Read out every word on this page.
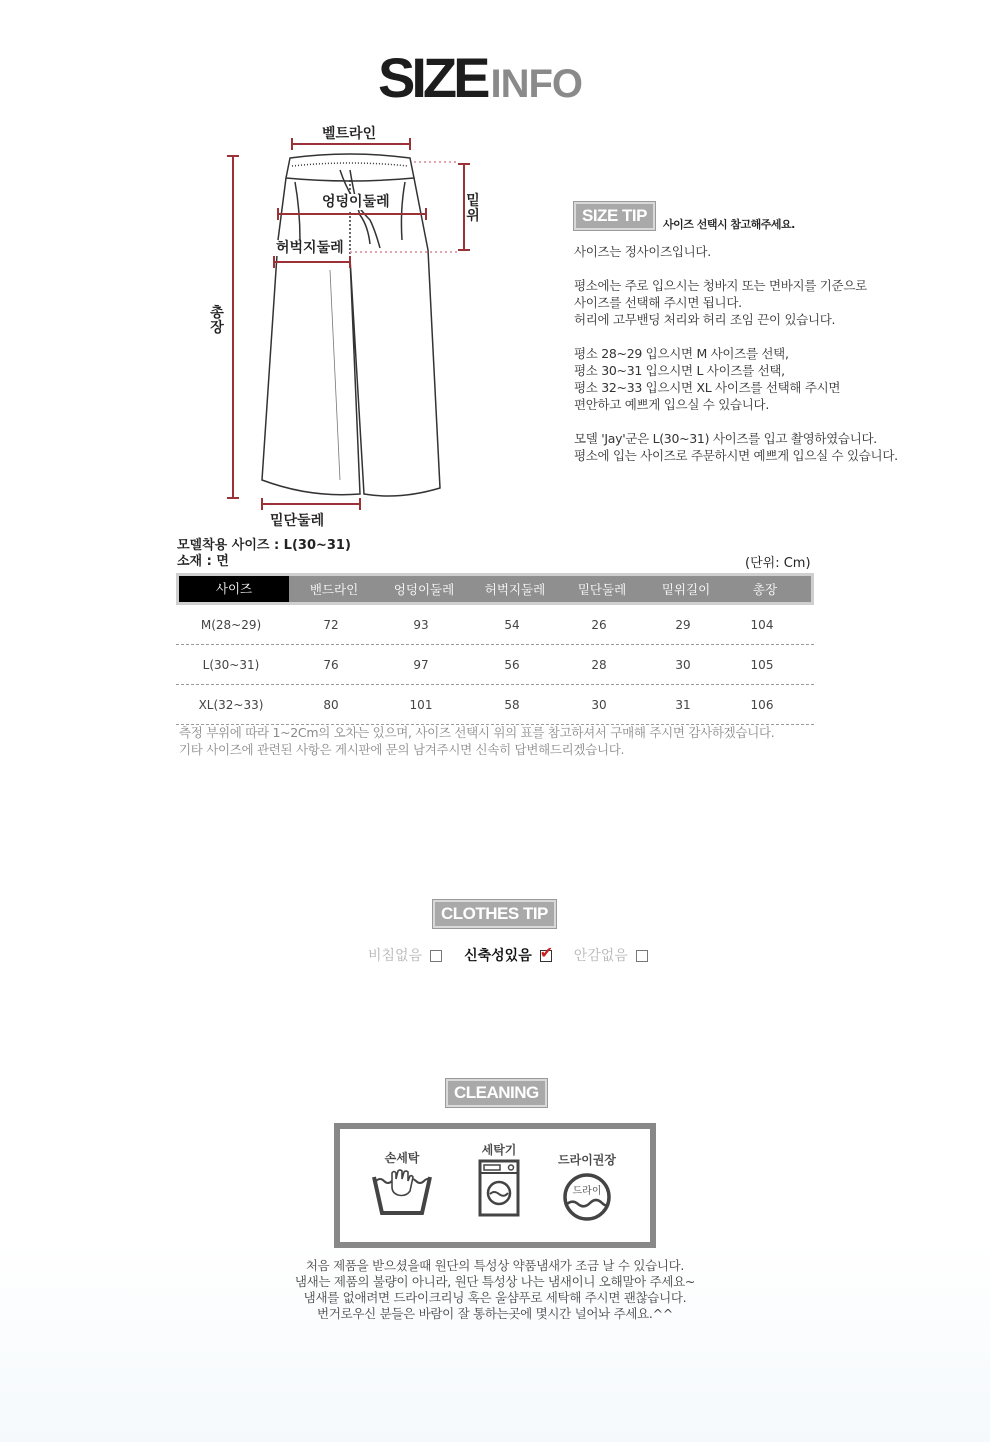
SIZE INFO
벨트라인
엉덩이둘레
허벅지둘레
밑단둘레
밑
위
총
장
SIZE TIP	사이즈 선택시 참고해주세요.

사이즈는 정사이즈입니다.

평소에는 주로 입으시는 청바지 또는 면바지를 기준으로
사이즈를 선택해 주시면 됩니다.
허리에 고무밴딩 처리와 허리 조임 끈이 있습니다.

평소 28~29 입으시면 M 사이즈를 선택,
평소 30~31 입으시면 L 사이즈를 선택,
평소 32~33 입으시면 XL 사이즈를 선택해 주시면
편안하고 예쁘게 입으실 수 있습니다.

모델 'Jay'군은 L(30~31) 사이즈를 입고 촬영하였습니다.
평소에 입는 사이즈로 주문하시면 예쁘게 입으실 수 있습니다.

모델착용 사이즈 : L(30~31)
소재 : 면	(단위: Cm)
사이즈	밴드라인	엉덩이둘레	허벅지둘레	밑단둘레	밑위길이	총장
M(28~29)	72	93	54	26	29	104
L(30~31)	76	97	56	28	30	105
XL(32~33)	80	101	58	30	31	106
측정 부위에 따라 1~2Cm의 오차는 있으며, 사이즈 선택시 위의 표를 참고하셔서 구매해 주시면 감사하겠습니다.
기타 사이즈에 관련된 사항은 게시판에 문의 남겨주시면 신속히 답변해드리겠습니다.
CLOTHES TIP
비침없음	신축성있음 ✔ 안감없음
CLEANING
손세탁
세탁기
드라이권장
드라이
처음 제품을 받으셨을때 원단의 특성상 약품냄새가 조금 날 수 있습니다.
냄새는 제품의 불량이 아니라, 원단 특성상 나는 냄새이니 오해말아 주세요~
냄새를 없애려면 드라이크리닝 혹은 울샴푸로 세탁해 주시면 괜찮습니다.
번거로우신 분들은 바람이 잘 통하는곳에 몇시간 널어놔 주세요.^^
